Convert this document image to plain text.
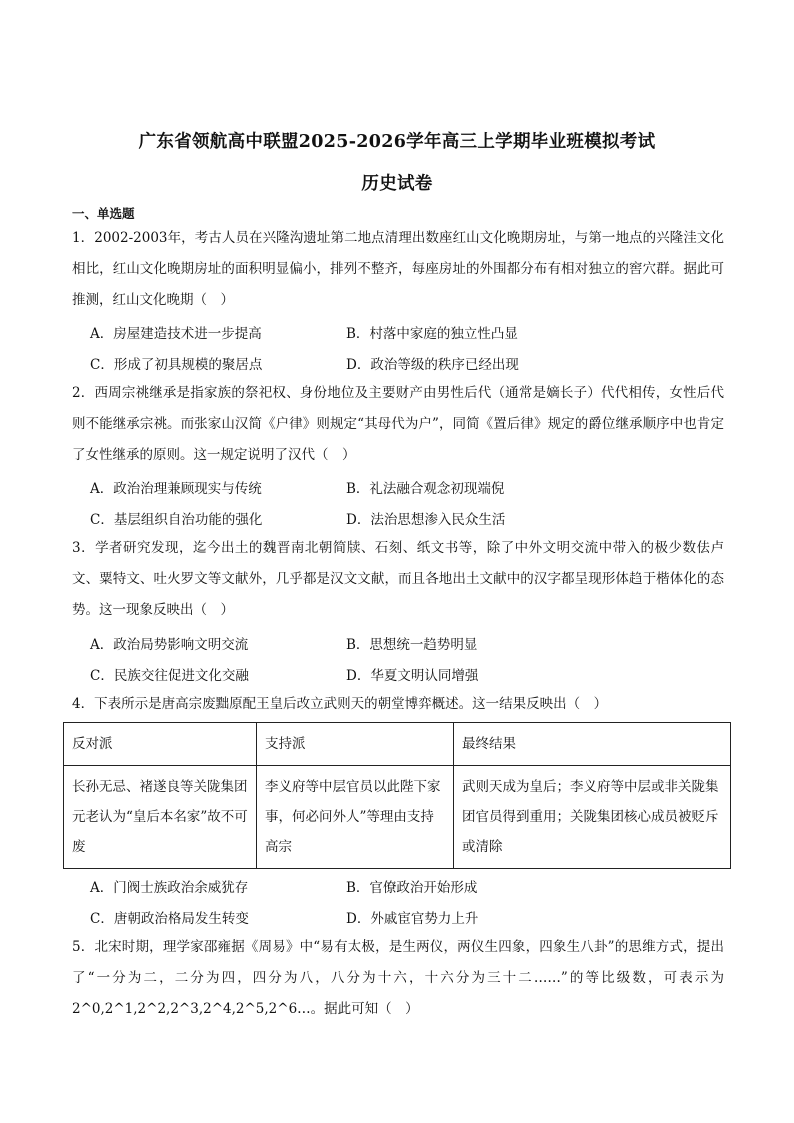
广东省领航高中联盟2025-2026学年高三上学期毕业班模拟考试
历史试卷
一、单选题
1．2002-2003年，考古人员在兴隆沟遗址第二地点清理出数座红山文化晚期房址，与第一地点的兴隆洼文化相比，红山文化晚期房址的面积明显偏小，排列不整齐，每座房址的外围都分布有相对独立的窖穴群。据此可推测，红山文化晚期（　）
A．房屋建造技术进一步提高	B．村落中家庭的独立性凸显
C．形成了初具规模的聚居点	D．政治等级的秩序已经出现
2．西周宗祧继承是指家族的祭祀权、身份地位及主要财产由男性后代（通常是嫡长子）代代相传，女性后代则不能继承宗祧。而张家山汉简《户律》则规定“其母代为户”，同简《置后律》规定的爵位继承顺序中也肯定了女性继承的原则。这一规定说明了汉代（　）
A．政治治理兼顾现实与传统	B．礼法融合观念初现端倪
C．基层组织自治功能的强化	D．法治思想渗入民众生活
3．学者研究发现，迄今出土的魏晋南北朝简牍、石刻、纸文书等，除了中外文明交流中带入的极少数佉卢文、粟特文、吐火罗文等文献外，几乎都是汉文文献，而且各地出土文献中的汉字都呈现形体趋于楷体化的态势。这一现象反映出（　）
A．政治局势影响文明交流	B．思想统一趋势明显
C．民族交往促进文化交融	D．华夏文明认同增强
4．下表所示是唐高宗废黜原配王皇后改立武则天的朝堂博弈概述。这一结果反映出（　）
反对派	支持派	最终结果
长孙无忌、褚遂良等关陇集团元老认为“皇后本名家”故不可废	李义府等中层官员以此陛下家事，何必问外人”等理由支持高宗	武则天成为皇后；李义府等中层或非关陇集团官员得到重用；关陇集团核心成员被贬斥或清除
A．门阀士族政治余威犹存	B．官僚政治开始形成
C．唐朝政治格局发生转变	D．外戚宦官势力上升
5．北宋时期，理学家邵雍据《周易》中“易有太极，是生两仪，两仪生四象，四象生八卦”的思维方式，提出了“一分为二，二分为四，四分为八，八分为十六，十六分为三十二……”的等比级数，可表示为2^0,2^1,2^2,2^3,2^4,2^5,2^6…。据此可知（　）
